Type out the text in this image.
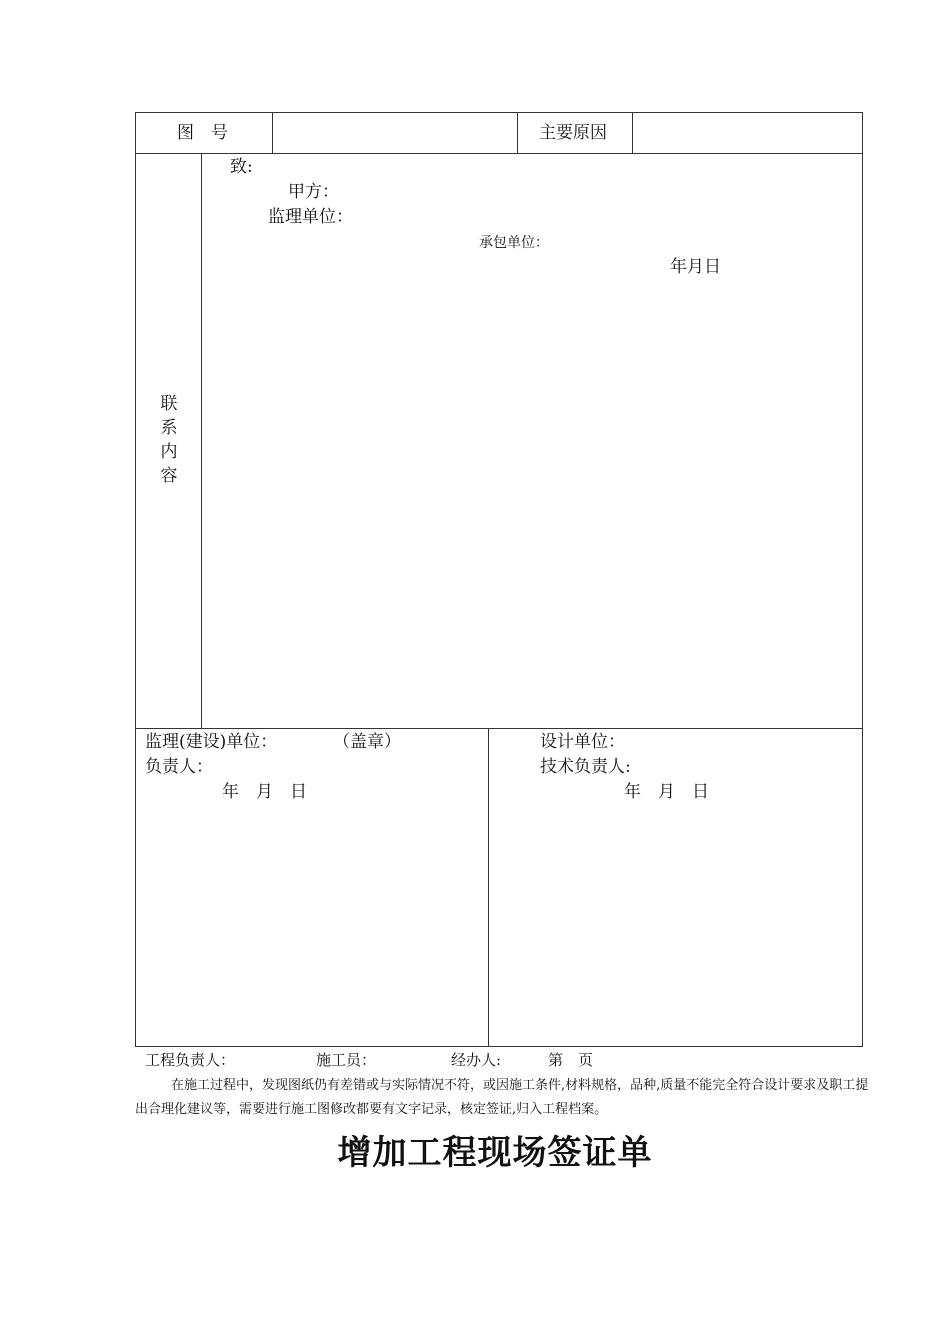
图　号	主要原因
联系内容
致:
甲方：
监理单位：
承包单位：
年月日
监理(建设)单位：	（盖章）
负责人：
年　月　日
设计单位：
技术负责人:
年　月　日
工程负责人：	施工员：	经办人:	第　页
在施工过程中，发现图纸仍有差错或与实际情况不符，或因施工条件,材料规格，品种,质量不能完全符合设计要求及职工提出合理化建议等，需要进行施工图修改都要有文字记录，核定签证,归入工程档案。
增加工程现场签证单
